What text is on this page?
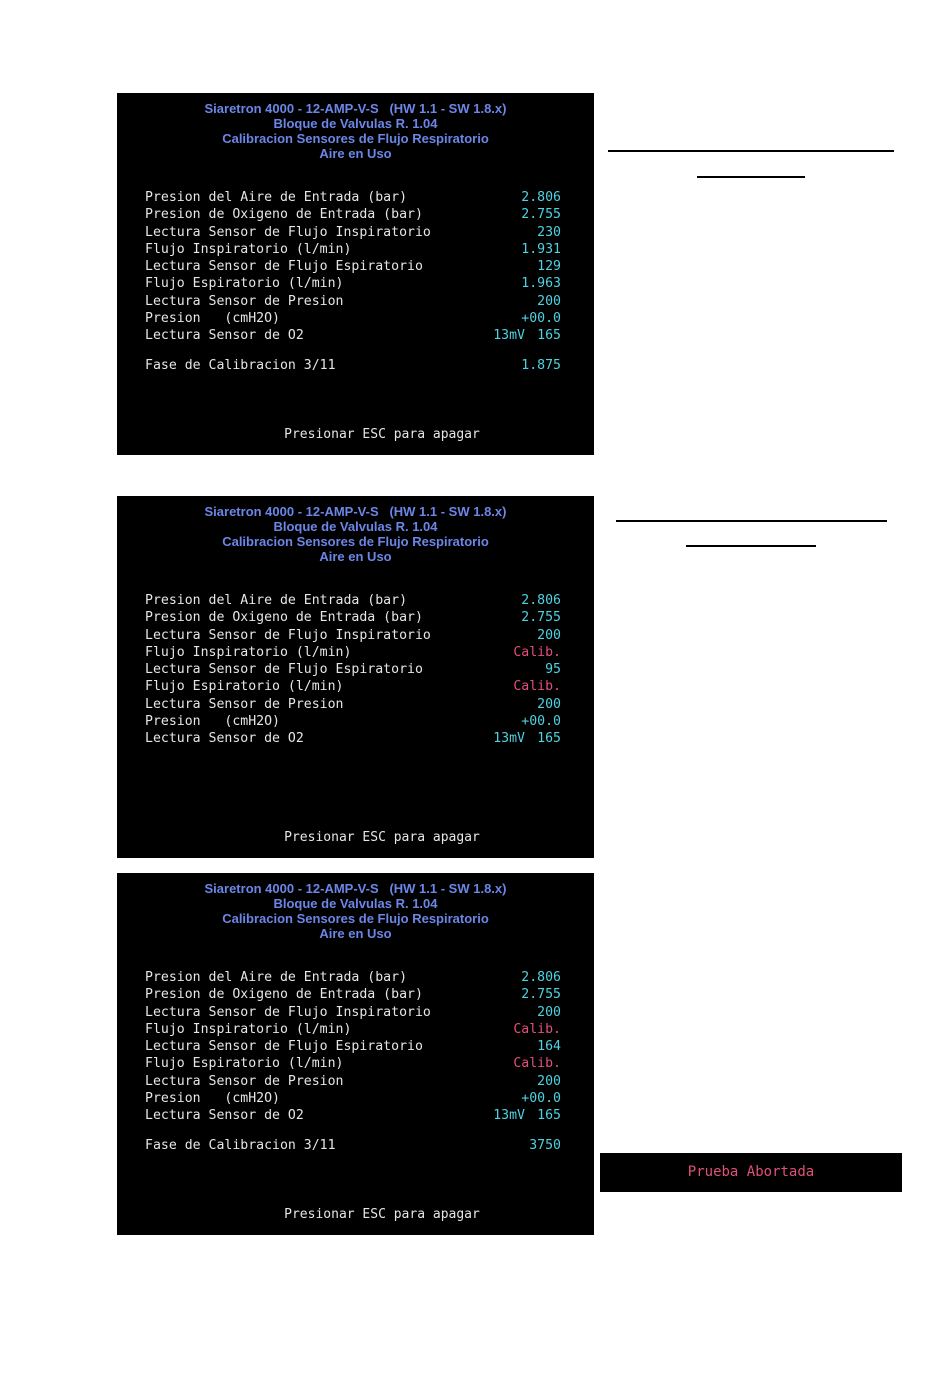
Siaretron 4000 - 12-AMP-V-S   (HW 1.1 - SW 1.8.x)
Bloque de Valvulas R. 1.04
Calibracion Sensores de Flujo Respiratorio
Aire en Uso
Presion del Aire de Entrada (bar)	2.806
Presion de Oxigeno de Entrada (bar)	2.755
Lectura Sensor de Flujo Inspiratorio	230
Flujo Inspiratorio (l/min)	1.931
Lectura Sensor de Flujo Espiratorio	129
Flujo Espiratorio (l/min)	1.963
Lectura Sensor de Presion	200
Presion   (cmH2O)	+00.0
Lectura Sensor de O2	13mV 165
Fase de Calibracion 3/11	1.875
Presionar ESC para apagar
Siaretron 4000 - 12-AMP-V-S   (HW 1.1 - SW 1.8.x)
Bloque de Valvulas R. 1.04
Calibracion Sensores de Flujo Respiratorio
Aire en Uso
Presion del Aire de Entrada (bar)	2.806
Presion de Oxigeno de Entrada (bar)	2.755
Lectura Sensor de Flujo Inspiratorio	200
Flujo Inspiratorio (l/min)	Calib.
Lectura Sensor de Flujo Espiratorio	95
Flujo Espiratorio (l/min)	Calib.
Lectura Sensor de Presion	200
Presion   (cmH2O)	+00.0
Lectura Sensor de O2	13mV 165
Presionar ESC para apagar
Siaretron 4000 - 12-AMP-V-S   (HW 1.1 - SW 1.8.x)
Bloque de Valvulas R. 1.04
Calibracion Sensores de Flujo Respiratorio
Aire en Uso
Presion del Aire de Entrada (bar)	2.806
Presion de Oxigeno de Entrada (bar)	2.755
Lectura Sensor de Flujo Inspiratorio	200
Flujo Inspiratorio (l/min)	Calib.
Lectura Sensor de Flujo Espiratorio	164
Flujo Espiratorio (l/min)	Calib.
Lectura Sensor de Presion	200
Presion   (cmH2O)	+00.0
Lectura Sensor de O2	13mV 165
Fase de Calibracion 3/11	3750
Presionar ESC para apagar
Prueba Abortada
